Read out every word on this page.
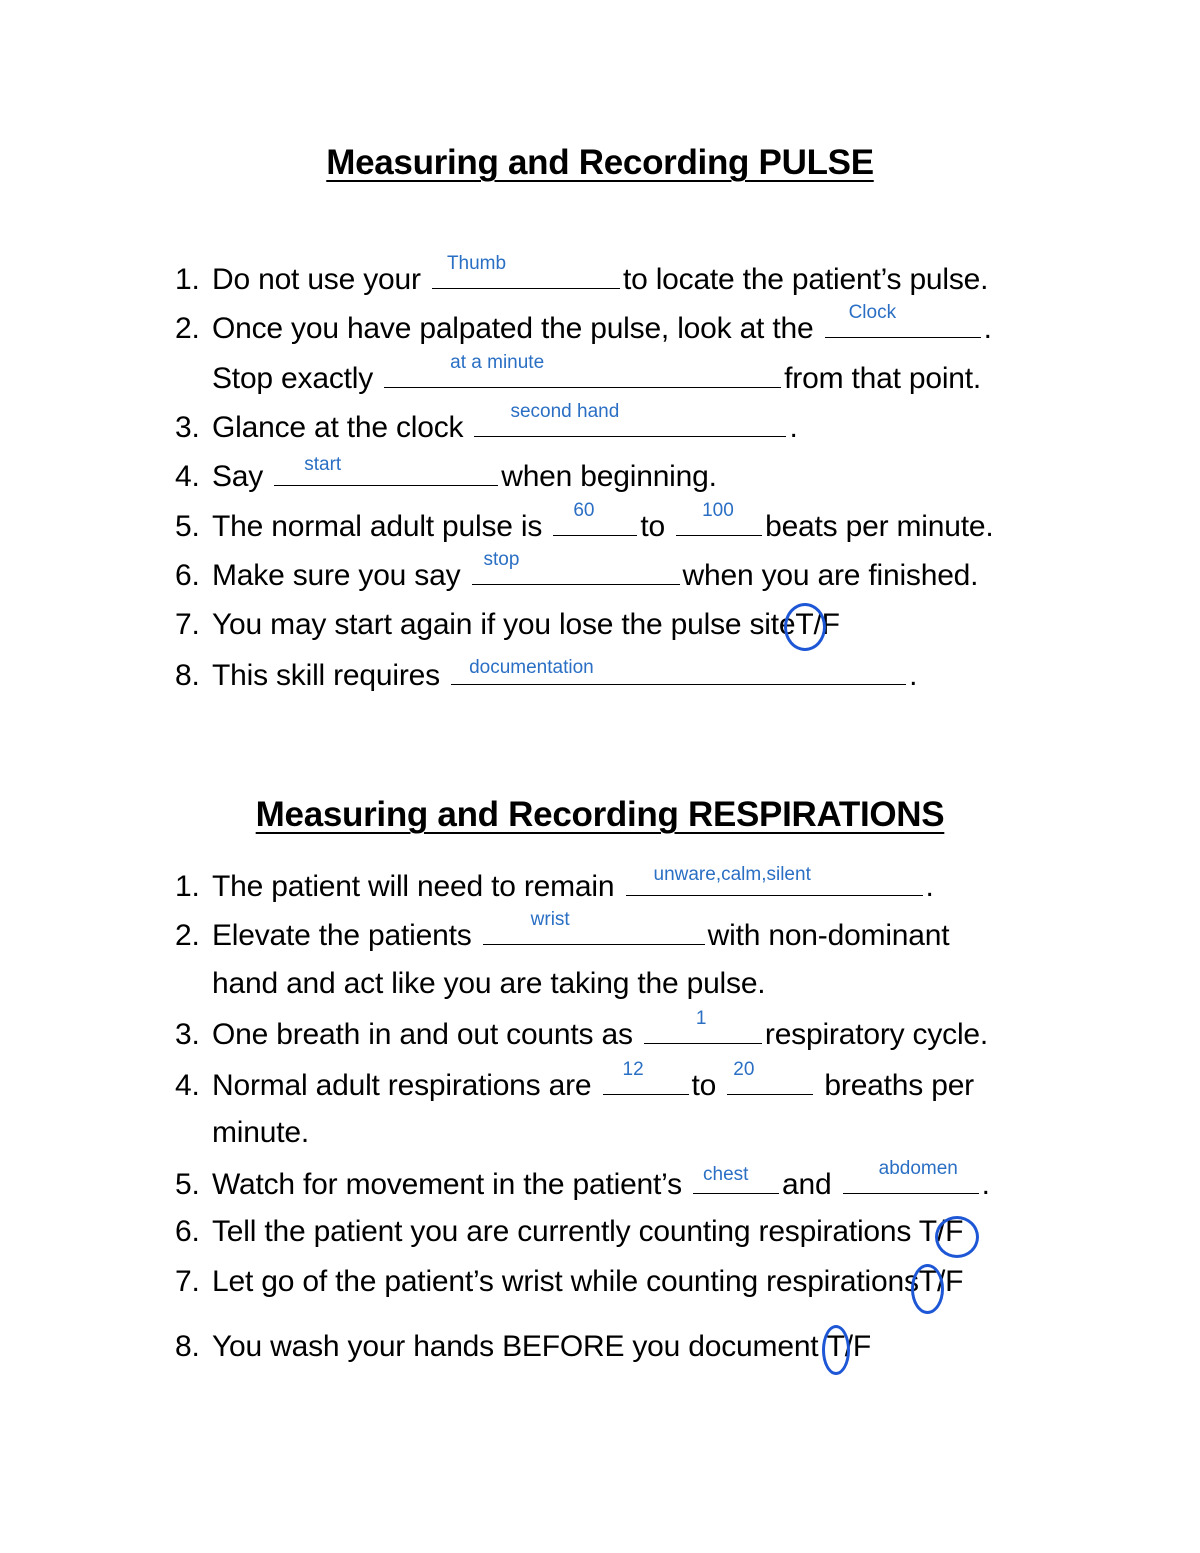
Measuring and Recording PULSE
1. Do not use your Thumb	to locate the patient’s pulse.
2. Once you have palpated the pulse, look at the Clock	.
Stop exactly	at a minute	from that point.
3. Glance at the clock second hand	.
4. Say start	when beginning.
5. The normal adult pulse is 60 to 100 beats per minute.
6. Make sure you say stop	when you are finished.
7. You may start again if you lose the pulse siteT
/F
8. This skill requires documentation	.
Measuring and Recording RESPIRATIONS
1. The patient will need to remain unware,calm,silent	.
2. Elevate the patients	wrist	with non-dominant
hand and act like you are taking the pulse.
3. One breath in and out counts as	1 respiratory cycle.
4. Normal adult respirations are 12 to 20 breaths per
minute.
5. Watch for movement in the patient’s chest and abdomen .
6. Tell the patient you are currently counting respirations T/F
7. Let go of the patient’s wrist while counting respirationsT
/F
8. You wash your hands BEFORE you document T
/F
